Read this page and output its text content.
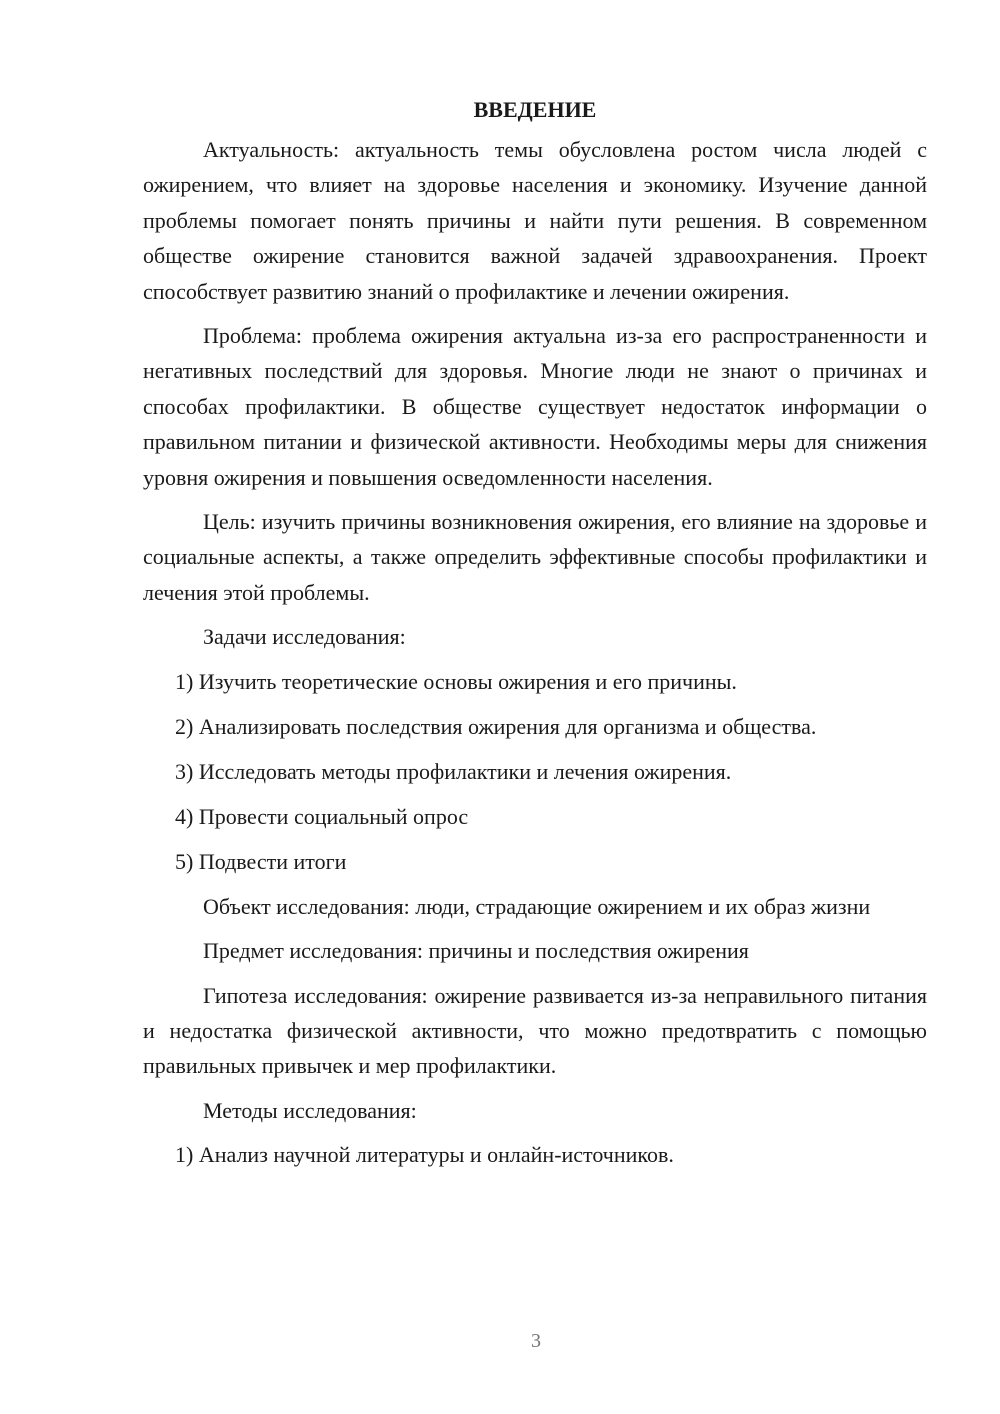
ВВЕДЕНИЕ
Актуальность: актуальность темы обусловлена ростом числа людей с ожирением, что влияет на здоровье населения и экономику. Изучение данной проблемы помогает понять причины и найти пути решения. В современном обществе ожирение становится важной задачей здравоохранения. Проект способствует развитию знаний о профилактике и лечении ожирения.
Проблема: проблема ожирения актуальна из-за его распространенности и негативных последствий для здоровья. Многие люди не знают о причинах и способах профилактики. В обществе существует недостаток информации о правильном питании и физической активности. Необходимы меры для снижения уровня ожирения и повышения осведомленности населения.
Цель: изучить причины возникновения ожирения, его влияние на здоровье и социальные аспекты, а также определить эффективные способы профилактики и лечения этой проблемы.
Задачи исследования:
1) Изучить теоретические основы ожирения и его причины.
2) Анализировать последствия ожирения для организма и общества.
3) Исследовать методы профилактики и лечения ожирения.
4) Провести социальный опрос
5) Подвести итоги
Объект исследования: люди, страдающие ожирением и их образ жизни
Предмет исследования: причины и последствия ожирения
Гипотеза исследования: ожирение развивается из-за неправильного питания и недостатка физической активности, что можно предотвратить с помощью правильных привычек и мер профилактики.
Методы исследования:
1) Анализ научной литературы и онлайн-источников.
3
